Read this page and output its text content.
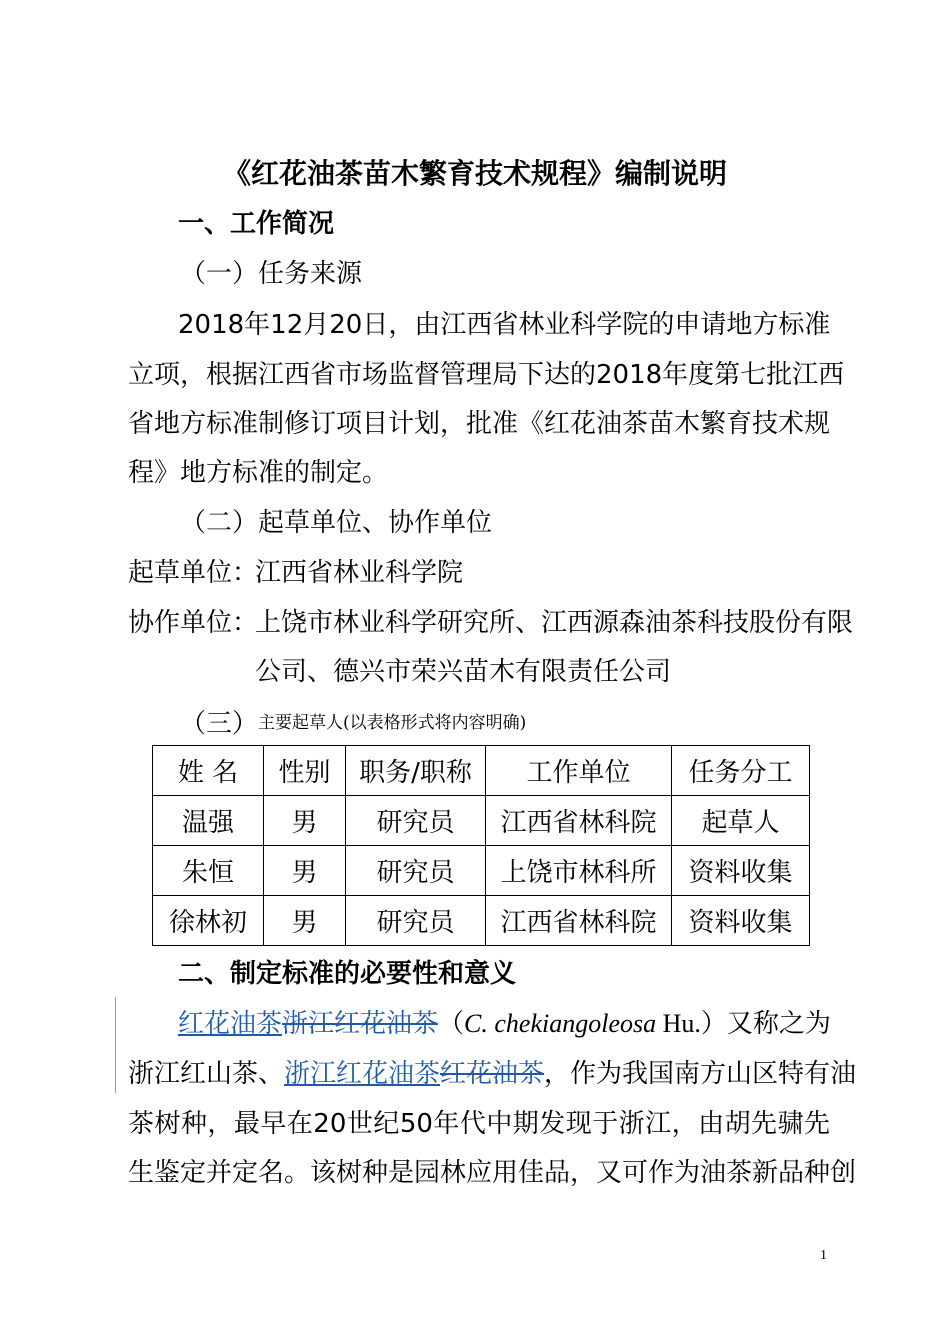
《红花油茶苗木繁育技术规程》编制说明
一、工作简况
（一）任务来源
2018年12月20日，由江西省林业科学院的申请地方标准
立项，根据江西省市场监督管理局下达的2018年度第七批江西
省地方标准制修订项目计划，批准《红花油茶苗木繁育技术规
程》地方标准的制定。
（二）起草单位、协作单位
起草单位：
江西省林业科学院
协作单位：
上饶市林业科学研究所、江西源森油茶科技股份有限
公司、德兴市荣兴苗木有限责任公司
（三）主要起草人(以表格形式将内容明确)
姓 名	性别	职务/职称	工作单位	任务分工
温强	男	研究员	江西省林科院	起草人
朱恒	男	研究员	上饶市林科所	资料收集
徐林初	男	研究员	江西省林科院	资料收集
二、制定标准的必要性和意义
红花油茶浙江红花油茶（C. chekiangoleosa Hu.）又称之为
浙江红山茶、浙江红花油茶红花油茶，作为我国南方山区特有油
茶树种，最早在20世纪50年代中期发现于浙江，由胡先骕先
生鉴定并定名。该树种是园林应用佳品，又可作为油茶新品种创
1
